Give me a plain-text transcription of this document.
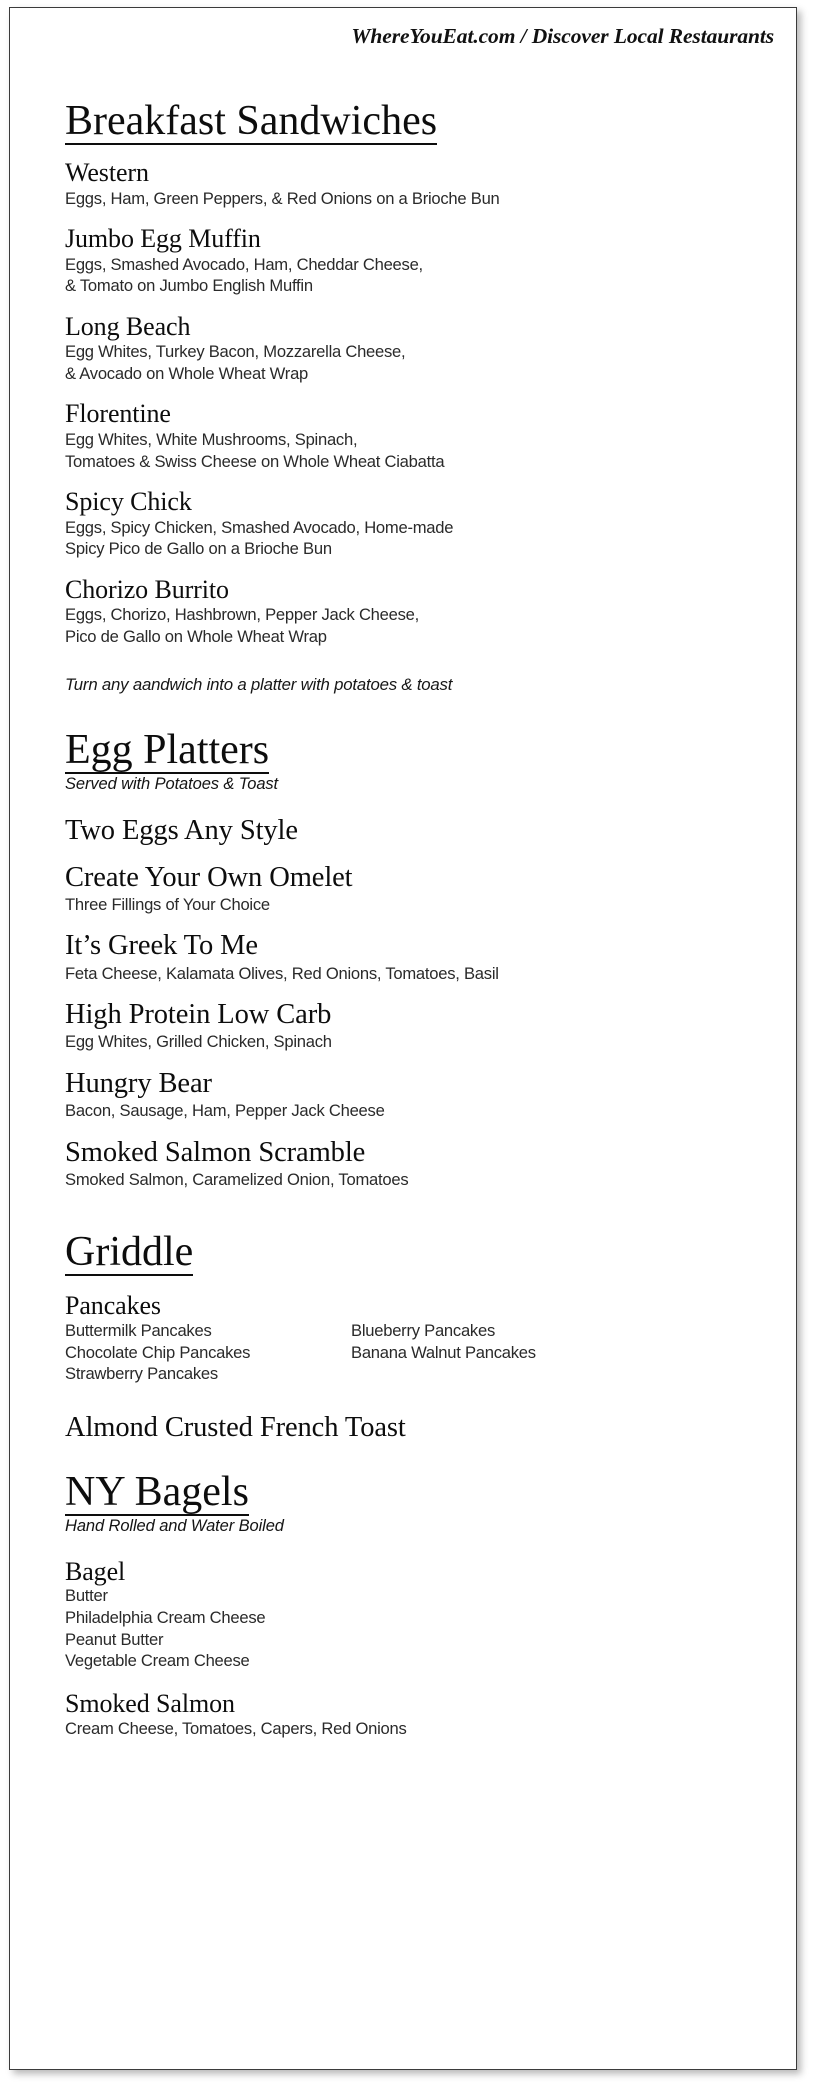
WhereYouEat.com / Discover Local Restaurants
Breakfast Sandwiches
Western
Eggs, Ham, Green Peppers, & Red Onions on a Brioche Bun
Jumbo Egg Muffin
Eggs, Smashed Avocado, Ham, Cheddar Cheese,
& Tomato on Jumbo English Muffin
Long Beach
Egg Whites, Turkey Bacon, Mozzarella Cheese,
& Avocado on Whole Wheat Wrap
Florentine
Egg Whites, White Mushrooms, Spinach,
Tomatoes & Swiss Cheese on Whole Wheat Ciabatta
Spicy Chick
Eggs, Spicy Chicken, Smashed Avocado, Home-made
Spicy Pico de Gallo on a Brioche Bun
Chorizo Burrito
Eggs, Chorizo, Hashbrown, Pepper Jack Cheese,
Pico de Gallo on Whole Wheat Wrap
Turn any aandwich into a platter with potatoes & toast
Egg Platters
Served with Potatoes & Toast
Two Eggs Any Style
Create Your Own Omelet
Three Fillings of Your Choice
It’s Greek To Me
Feta Cheese, Kalamata Olives, Red Onions, Tomatoes, Basil
High Protein Low Carb
Egg Whites, Grilled Chicken, Spinach
Hungry Bear
Bacon, Sausage, Ham, Pepper Jack Cheese
Smoked Salmon Scramble
Smoked Salmon, Caramelized Onion, Tomatoes
Griddle
Pancakes
Buttermilk Pancakes
Chocolate Chip Pancakes
Strawberry Pancakes
Blueberry Pancakes
Banana Walnut Pancakes
Almond Crusted French Toast
NY Bagels
Hand Rolled and Water Boiled
Bagel
Butter
Philadelphia Cream Cheese
Peanut Butter
Vegetable Cream Cheese
Smoked Salmon
Cream Cheese, Tomatoes, Capers, Red Onions
